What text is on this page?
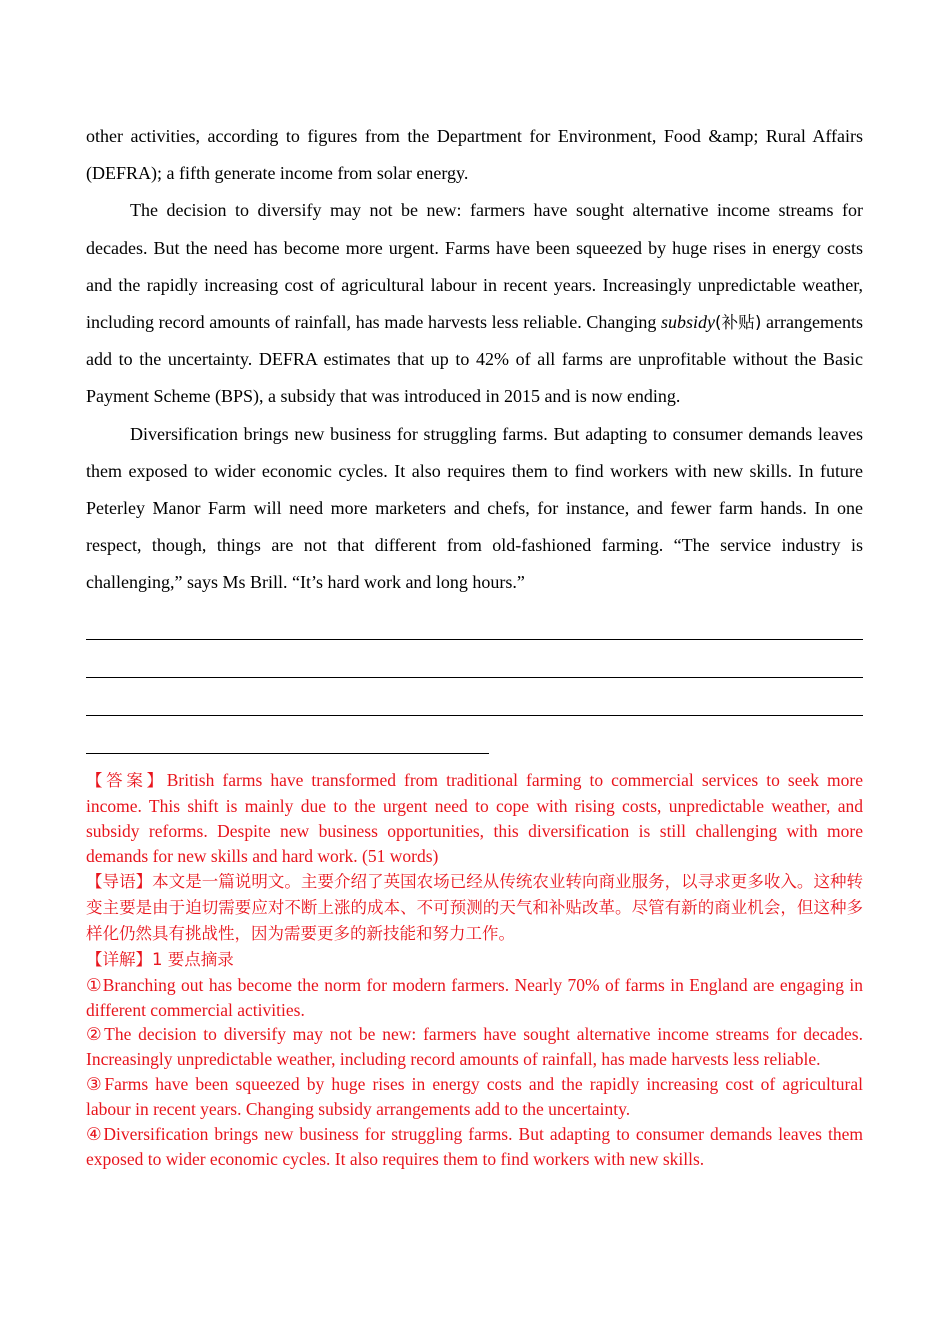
other activities, according to figures from the Department for Environment, Food &amp; Rural Affairs (DEFRA); a fifth generate income from solar energy.

The decision to diversify may not be new: farmers have sought alternative income streams for decades. But the need has become more urgent. Farms have been squeezed by huge rises in energy costs and the rapidly increasing cost of agricultural labour in recent years. Increasingly unpredictable weather, including record amounts of rainfall, has made harvests less reliable. Changing subsidy(补贴) arrangements add to the uncertainty. DEFRA estimates that up to 42% of all farms are unprofitable without the Basic Payment Scheme (BPS), a subsidy that was introduced in 2015 and is now ending.

Diversification brings new business for struggling farms. But adapting to consumer demands leaves them exposed to wider economic cycles. It also requires them to find workers with new skills. In future Peterley Manor Farm will need more marketers and chefs, for instance, and fewer farm hands. In one respect, though, things are not that different from old-fashioned farming. “The service industry is challenging,” says Ms Brill. “It’s hard work and long hours.”

【答案】British farms have transformed from traditional farming to commercial services to seek more income. This shift is mainly due to the urgent need to cope with rising costs, unpredictable weather, and subsidy reforms. Despite new business opportunities, this diversification is still challenging with more demands for new skills and hard work. (51 words)

【导语】本文是一篇说明文。主要介绍了英国农场已经从传统农业转向商业服务，以寻求更多收入。这种转变主要是由于迫切需要应对不断上涨的成本、不可预测的天气和补贴改革。尽管有新的商业机会，但这种多样化仍然具有挑战性，因为需要更多的新技能和努力工作。

【详解】1 要点摘录

①Branching out has become the norm for modern farmers. Nearly 70% of farms in England are engaging in different commercial activities.

②The decision to diversify may not be new: farmers have sought alternative income streams for decades. Increasingly unpredictable weather, including record amounts of rainfall, has made harvests less reliable.

③Farms have been squeezed by huge rises in energy costs and the rapidly increasing cost of agricultural labour in recent years. Changing subsidy arrangements add to the uncertainty.

④Diversification brings new business for struggling farms. But adapting to consumer demands leaves them exposed to wider economic cycles. It also requires them to find workers with new skills.
